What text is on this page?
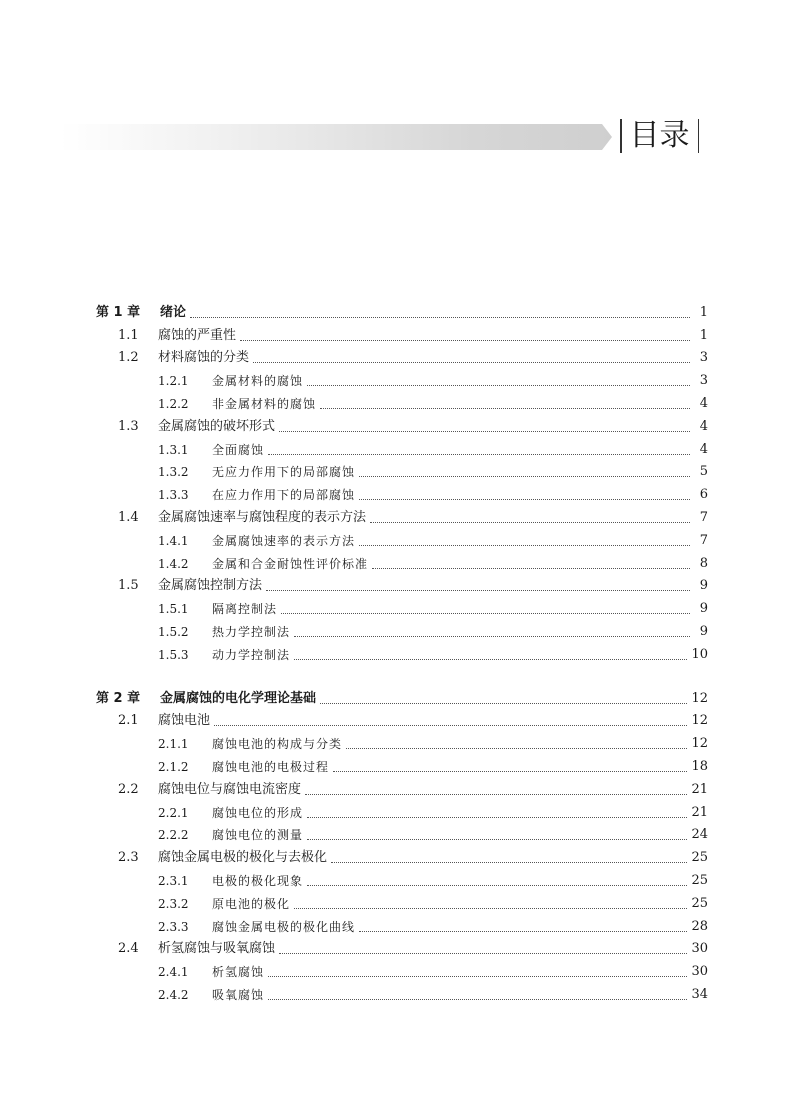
目录
第 1 章	绪论	1
1.1	腐蚀的严重性	1
1.2	材料腐蚀的分类	3
1.2.1	金属材料的腐蚀	3
1.2.2	非金属材料的腐蚀	4
1.3	金属腐蚀的破坏形式	4
1.3.1	全面腐蚀	4
1.3.2	无应力作用下的局部腐蚀	5
1.3.3	在应力作用下的局部腐蚀	6
1.4	金属腐蚀速率与腐蚀程度的表示方法	7
1.4.1	金属腐蚀速率的表示方法	7
1.4.2	金属和合金耐蚀性评价标准	8
1.5	金属腐蚀控制方法	9
1.5.1	隔离控制法	9
1.5.2	热力学控制法	9
1.5.3	动力学控制法	10
第 2 章	金属腐蚀的电化学理论基础	12
2.1	腐蚀电池	12
2.1.1	腐蚀电池的构成与分类	12
2.1.2	腐蚀电池的电极过程	18
2.2	腐蚀电位与腐蚀电流密度	21
2.2.1	腐蚀电位的形成	21
2.2.2	腐蚀电位的测量	24
2.3	腐蚀金属电极的极化与去极化	25
2.3.1	电极的极化现象	25
2.3.2	原电池的极化	25
2.3.3	腐蚀金属电极的极化曲线	28
2.4	析氢腐蚀与吸氧腐蚀	30
2.4.1	析氢腐蚀	30
2.4.2	吸氧腐蚀	34
